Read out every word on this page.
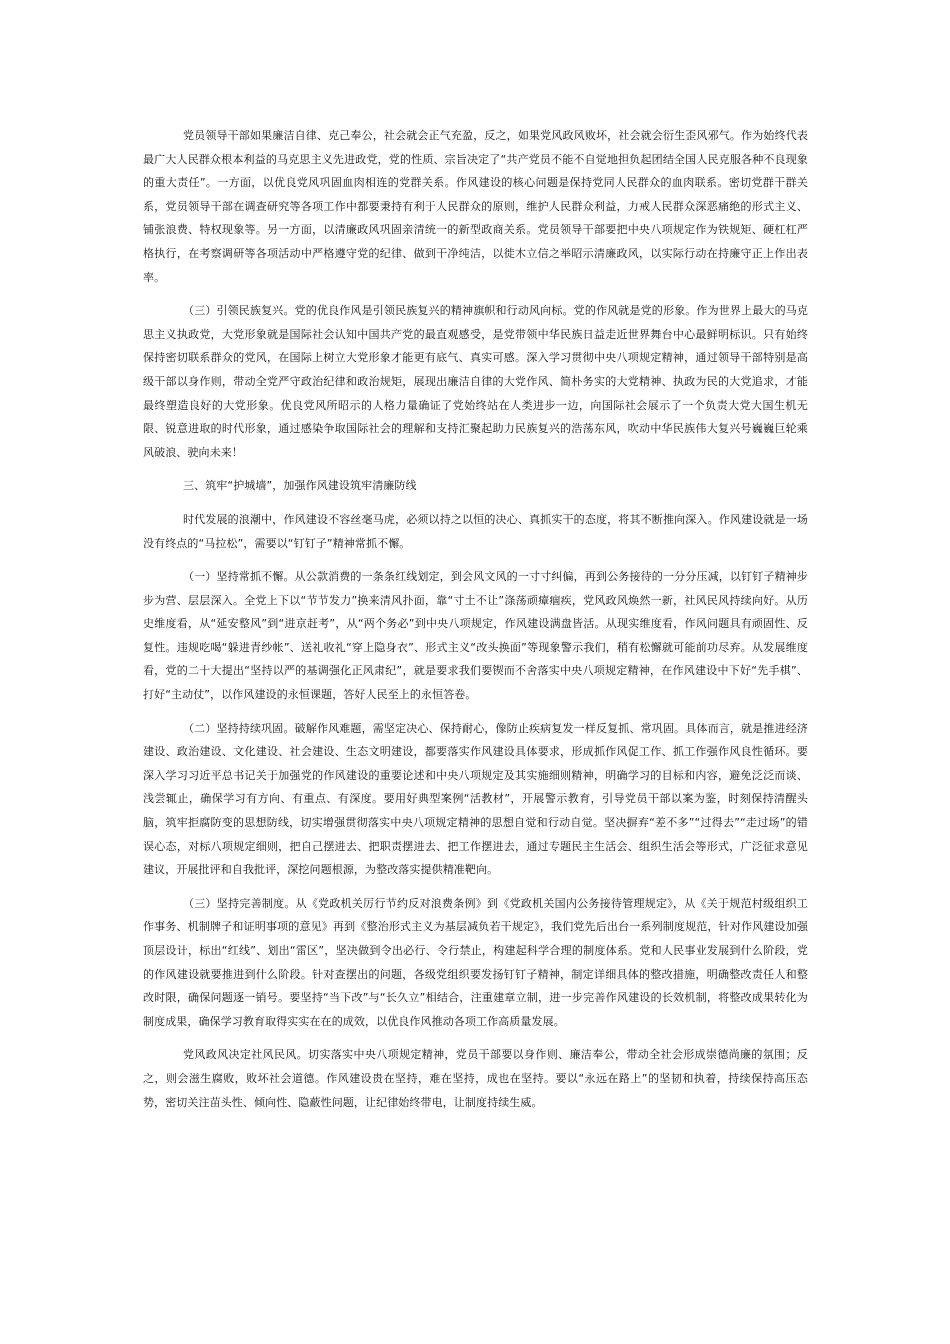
党员领导干部如果廉洁自律、克己奉公，社会就会正气充盈，反之，如果党风政风败坏，社会就会衍生歪风邪气。作为始终代表最广大人民群众根本利益的马克思主义先进政党，党的性质、宗旨决定了“共产党员不能不自觉地担负起团结全国人民克服各种不良现象的重大责任”。一方面，以优良党风巩固血肉相连的党群关系。作风建设的核心问题是保持党同人民群众的血肉联系。密切党群干群关系，党员领导干部在调查研究等各项工作中都要秉持有利于人民群众的原则，维护人民群众利益，力戒人民群众深恶痛绝的形式主义、铺张浪费、特权现象等。另一方面，以清廉政风巩固亲清统一的新型政商关系。党员领导干部要把中央八项规定作为铁规矩、硬杠杠严格执行，在考察调研等各项活动中严格遵守党的纪律、做到干净纯洁，以徙木立信之举昭示清廉政风，以实际行动在持廉守正上作出表率。

（三）引领民族复兴。党的优良作风是引领民族复兴的精神旗帜和行动风向标。党的作风就是党的形象。作为世界上最大的马克思主义执政党，大党形象就是国际社会认知中国共产党的最直观感受，是党带领中华民族日益走近世界舞台中心最鲜明标识。只有始终保持密切联系群众的党风，在国际上树立大党形象才能更有底气、真实可感。深入学习贯彻中央八项规定精神，通过领导干部特别是高级干部以身作则，带动全党严守政治纪律和政治规矩，展现出廉洁自律的大党作风、简朴务实的大党精神、执政为民的大党追求，才能最终塑造良好的大党形象。优良党风所昭示的人格力量确证了党始终站在人类进步一边，向国际社会展示了一个负责大党大国生机无限、锐意进取的时代形象，通过感染争取国际社会的理解和支持汇聚起助力民族复兴的浩荡东风，吹动中华民族伟大复兴号巍巍巨轮乘风破浪、驶向未来！

三、筑牢“护城墙”，加强作风建设筑牢清廉防线

时代发展的浪潮中，作风建设不容丝毫马虎，必须以持之以恒的决心、真抓实干的态度，将其不断推向深入。作风建设就是一场没有终点的“马拉松”，需要以“钉钉子”精神常抓不懈。

（一）坚持常抓不懈。从公款消费的一条条红线划定，到会风文风的一寸寸纠偏，再到公务接待的一分分压减，以钉钉子精神步步为营、层层深入。全党上下以“节节发力”换来清风扑面，靠“寸土不让”涤荡顽瘴痼疾，党风政风焕然一新，社风民风持续向好。从历史维度看，从“延安整风”到“进京赶考”，从“两个务必”到中央八项规定，作风建设满盘皆活。从现实维度看，作风问题具有顽固性、反复性。违规吃喝“躲进青纱帐”、送礼收礼“穿上隐身衣”、形式主义“改头换面”等现象警示我们，稍有松懈就可能前功尽弃。从发展维度看，党的二十大提出“坚持以严的基调强化正风肃纪”，就是要求我们要锲而不舍落实中央八项规定精神，在作风建设中下好“先手棋”、打好“主动仗”，以作风建设的永恒课题，答好人民至上的永恒答卷。

（二）坚持持续巩固。破解作风难题，需坚定决心、保持耐心，像防止疾病复发一样反复抓、常巩固。具体而言，就是推进经济建设、政治建设、文化建设、社会建设、生态文明建设，都要落实作风建设具体要求，形成抓作风促工作、抓工作强作风良性循环。要深入学习习近平总书记关于加强党的作风建设的重要论述和中央八项规定及其实施细则精神，明确学习的目标和内容，避免泛泛而谈、浅尝辄止，确保学习有方向、有重点、有深度。要用好典型案例“活教材”，开展警示教育，引导党员干部以案为鉴，时刻保持清醒头脑，筑牢拒腐防变的思想防线，切实增强贯彻落实中央八项规定精神的思想自觉和行动自觉。坚决摒弃“差不多”“过得去”“走过场”的错误心态，对标八项规定细则，把自己摆进去、把职责摆进去、把工作摆进去，通过专题民主生活会、组织生活会等形式，广泛征求意见建议，开展批评和自我批评，深挖问题根源，为整改落实提供精准靶向。

（三）坚持完善制度。从《党政机关厉行节约反对浪费条例》到《党政机关国内公务接待管理规定》，从《关于规范村级组织工作事务、机制牌子和证明事项的意见》再到《整治形式主义为基层减负若干规定》，我们党先后出台一系列制度规范，针对作风建设加强顶层设计，标出“红线”、划出“雷区”，坚决做到令出必行、令行禁止，构建起科学合理的制度体系。党和人民事业发展到什么阶段，党的作风建设就要推进到什么阶段。针对查摆出的问题，各级党组织要发扬钉钉子精神，制定详细具体的整改措施，明确整改责任人和整改时限，确保问题逐一销号。要坚持“当下改”与“长久立”相结合，注重建章立制，进一步完善作风建设的长效机制，将整改成果转化为制度成果，确保学习教育取得实实在在的成效，以优良作风推动各项工作高质量发展。

党风政风决定社风民风。切实落实中央八项规定精神，党员干部要以身作则、廉洁奉公，带动全社会形成崇德尚廉的氛围；反之，则会滋生腐败，败坏社会道德。作风建设贵在坚持，难在坚持，成也在坚持。要以“永远在路上”的坚韧和执着，持续保持高压态势，密切关注苗头性、倾向性、隐蔽性问题，让纪律始终带电，让制度持续生威。
